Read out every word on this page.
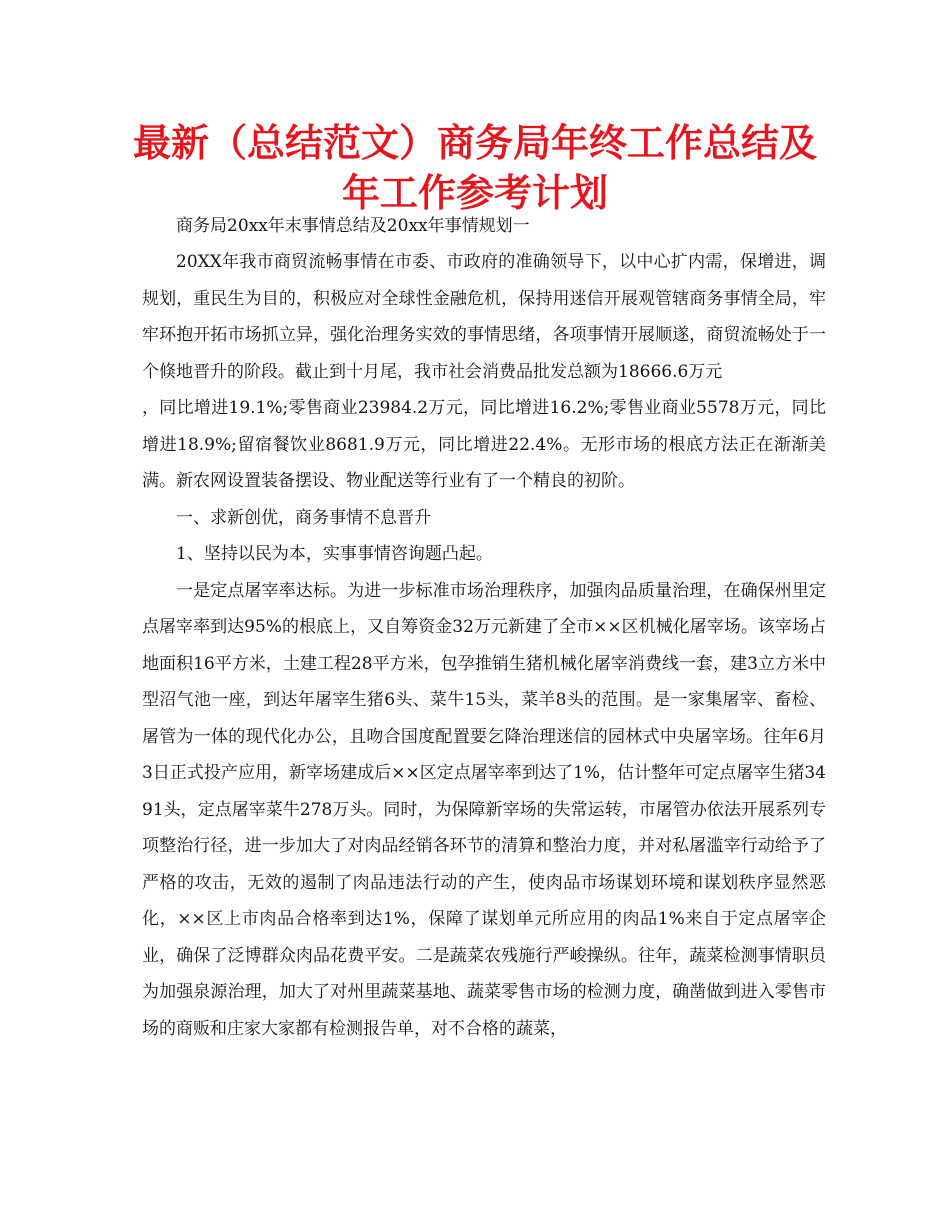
最新（总结范文）商务局年终工作总结及年工作参考计划

商务局20xx年末事情总结及20xx年事情规划一

20XX年我市商贸流畅事情在市委、市政府的准确领导下，以中心扩内需，保增进，调规划，重民生为目的，积极应对全球性金融危机，保持用迷信开展观管辖商务事情全局，牢牢环抱开拓市场抓立异，强化治理务实效的事情思绪，各项事情开展顺遂，商贸流畅处于一个倏地晋升的阶段。截止到十月尾，我市社会消费品批发总额为18666.6万元

，同比增进19.1%;零售商业23984.2万元，同比增进16.2%;零售业商业5578万元，同比增进18.9%;留宿餐饮业8681.9万元，同比增进22.4%。无形市场的根底方法正在渐渐美满。新农网设置装备摆设、物业配送等行业有了一个精良的初阶。

一、求新创优，商务事情不息晋升

1、坚持以民为本，实事事情咨询题凸起。

一是定点屠宰率达标。为进一步标准市场治理秩序，加强肉品质量治理，在确保州里定点屠宰率到达95%的根底上，又自筹资金32万元新建了全市××区机械化屠宰场。该宰场占地面积16平方米，土建工程28平方米，包孕推销生猪机械化屠宰消费线一套，建3立方米中型沼气池一座，到达年屠宰生猪6头、菜牛15头，菜羊8头的范围。是一家集屠宰、畜检、屠管为一体的现代化办公，且吻合国度配置要乞降治理迷信的园林式中央屠宰场。往年6月3日正式投产应用，新宰场建成后××区定点屠宰率到达了1%，估计整年可定点屠宰生猪3491头，定点屠宰菜牛278万头。同时，为保障新宰场的失常运转，市屠管办依法开展系列专项整治行径，进一步加大了对肉品经销各环节的清算和整治力度，并对私屠滥宰行动给予了严格的攻击，无效的遏制了肉品违法行动的产生，使肉品市场谋划环境和谋划秩序显然恶化，××区上市肉品合格率到达1%，保障了谋划单元所应用的肉品1%来自于定点屠宰企业，确保了泛博群众肉品花费平安。二是蔬菜农残施行严峻操纵。往年，蔬菜检测事情职员为加强泉源治理，加大了对州里蔬菜基地、蔬菜零售市场的检测力度，确凿做到进入零售市场的商贩和庄家大家都有检测报告单，对不合格的蔬菜，
